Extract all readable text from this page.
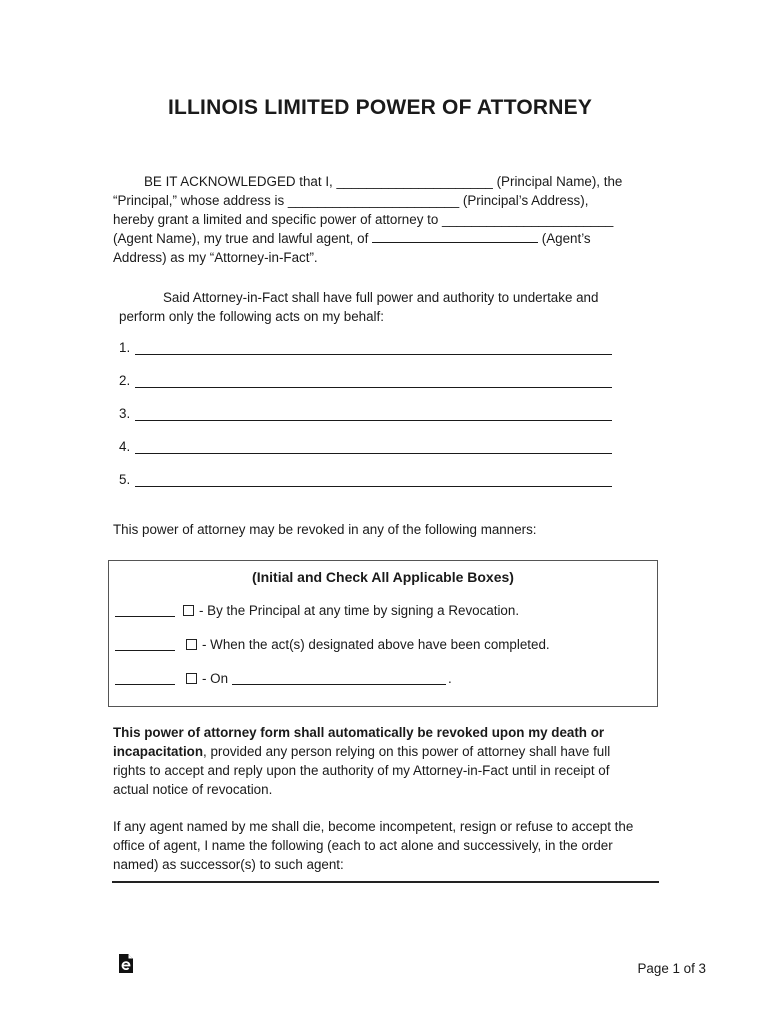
ILLINOIS LIMITED POWER OF ATTORNEY
BE IT ACKNOWLEDGED that I, _____________________ (Principal Name), the
“Principal,” whose address is _______________________ (Principal’s Address),
hereby grant a limited and specific power of attorney to _______________________
(Agent Name), my true and lawful agent, of	(Agent’s
Address) as my “Attorney-in-Fact”.
Said Attorney-in-Fact shall have full power and authority to undertake and
perform only the following acts on my behalf:
1.
2.
3.
4.
5.
This power of attorney may be revoked in any of the following manners:
(Initial and Check All Applicable Boxes)
- By the Principal at any time by signing a Revocation.
- When the act(s) designated above have been completed.
- On	.
This power of attorney form shall automatically be revoked upon my death or
incapacitation, provided any person relying on this power of attorney shall have full
rights to accept and reply upon the authority of my Attorney-in-Fact until in receipt of
actual notice of revocation.
If any agent named by me shall die, become incompetent, resign or refuse to accept the
office of agent, I name the following (each to act alone and successively, in the order
named) as successor(s) to such agent:
Page 1 of 3
